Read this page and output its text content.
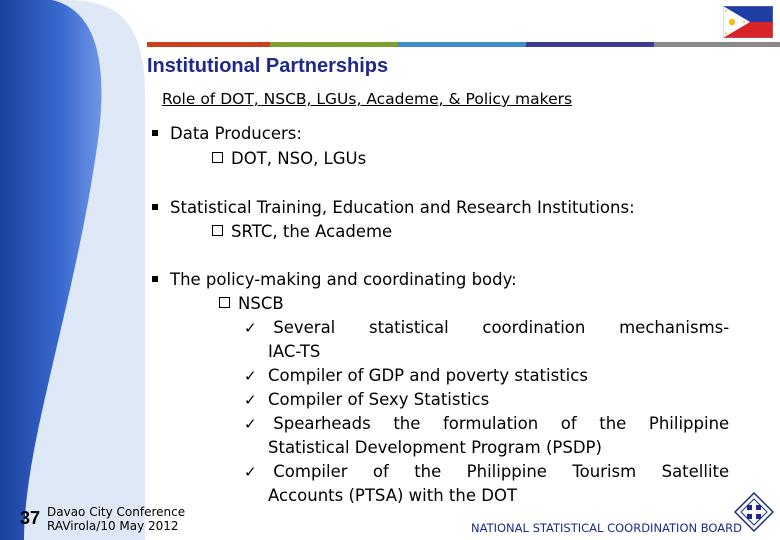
Institutional Partnerships
Role of DOT, NSCB, LGUs, Academe, & Policy makers
Data Producers:
DOT, NSO, LGUs
Statistical Training, Education and Research Institutions:
SRTC, the Academe
The policy-making and coordinating body:
NSCB
✓ Several statistical coordination mechanisms-
IAC-TS
✓ Compiler of GDP and poverty statistics
✓ Compiler of Sexy Statistics
✓ Spearheads the formulation of the Philippine
Statistical Development Program (PSDP)
✓ Compiler of the Philippine Tourism Satellite
Accounts (PTSA) with the DOT
37 Davao City Conference
RAVirola/10 May 2012	NATIONAL STATISTICAL COORDINATION BOARD
